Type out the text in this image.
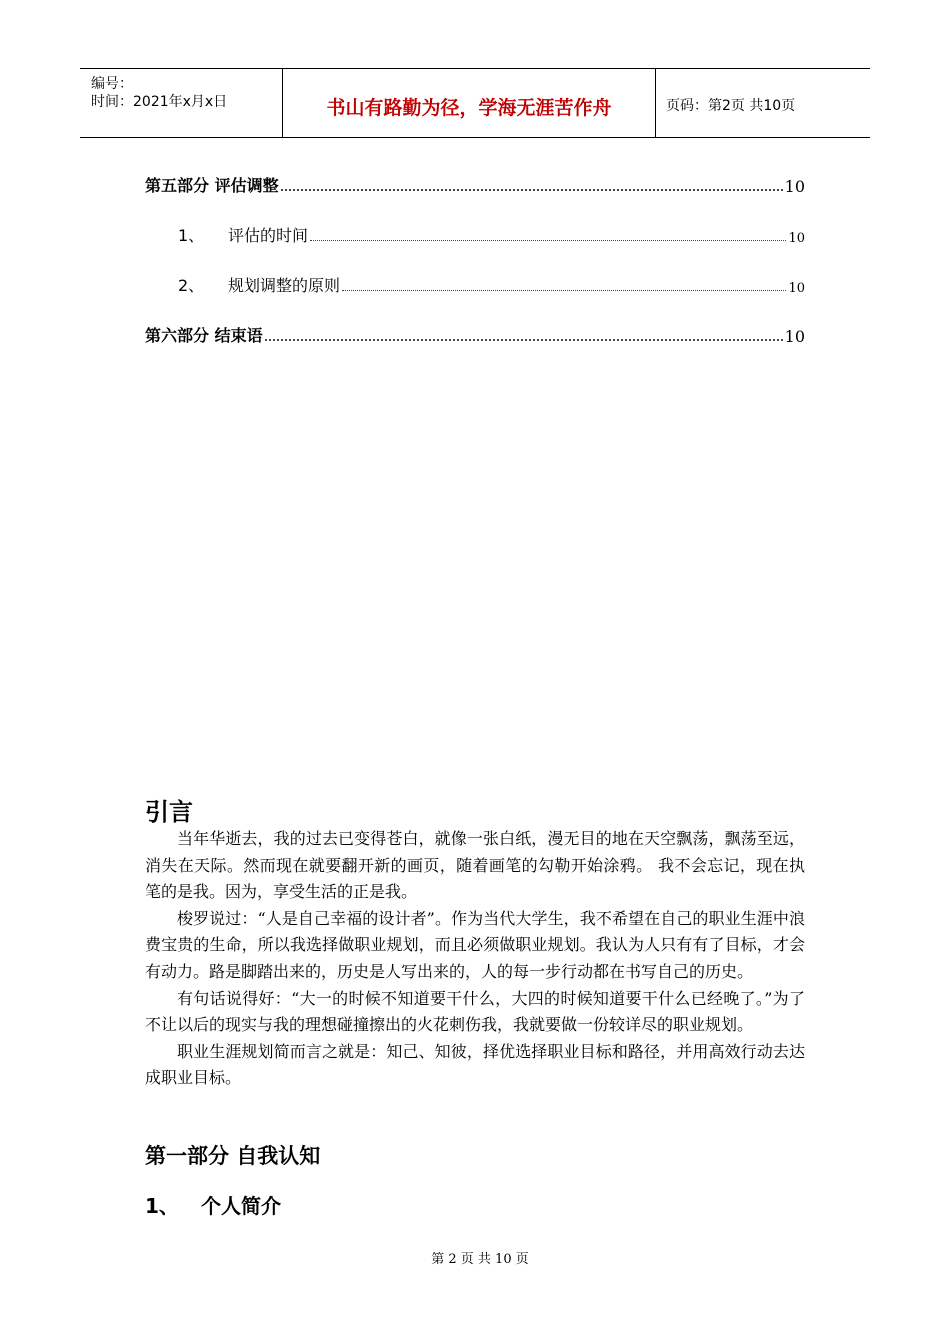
编号：
时间：2021年x月x日	书山有路勤为径，学海无涯苦作舟	页码：第2页 共10页
第五部分 评估调整	10
1、	评估的时间	10
2、	规划调整的原则	10
第六部分 结束语	10
引言

当年华逝去，我的过去已变得苍白，就像一张白纸，漫无目的地在天空飘荡，飘荡至远，消失在天际。然而现在就要翻开新的画页，随着画笔的勾勒开始涂鸦。 我不会忘记，现在执笔的是我。因为，享受生活的正是我。

梭罗说过：“人是自己幸福的设计者”。作为当代大学生，我不希望在自己的职业生涯中浪费宝贵的生命，所以我选择做职业规划，而且必须做职业规划。我认为人只有有了目标，才会有动力。路是脚踏出来的，历史是人写出来的，人的每一步行动都在书写自己的历史。

有句话说得好：“大一的时候不知道要干什么，大四的时候知道要干什么已经晚了。”为了不让以后的现实与我的理想碰撞擦出的火花刺伤我，我就要做一份较详尽的职业规划。

职业生涯规划简而言之就是：知己、知彼，择优选择职业目标和路径，并用高效行动去达成职业目标。

第一部分 自我认知
1、 个人简介
第 2 页 共 10 页
